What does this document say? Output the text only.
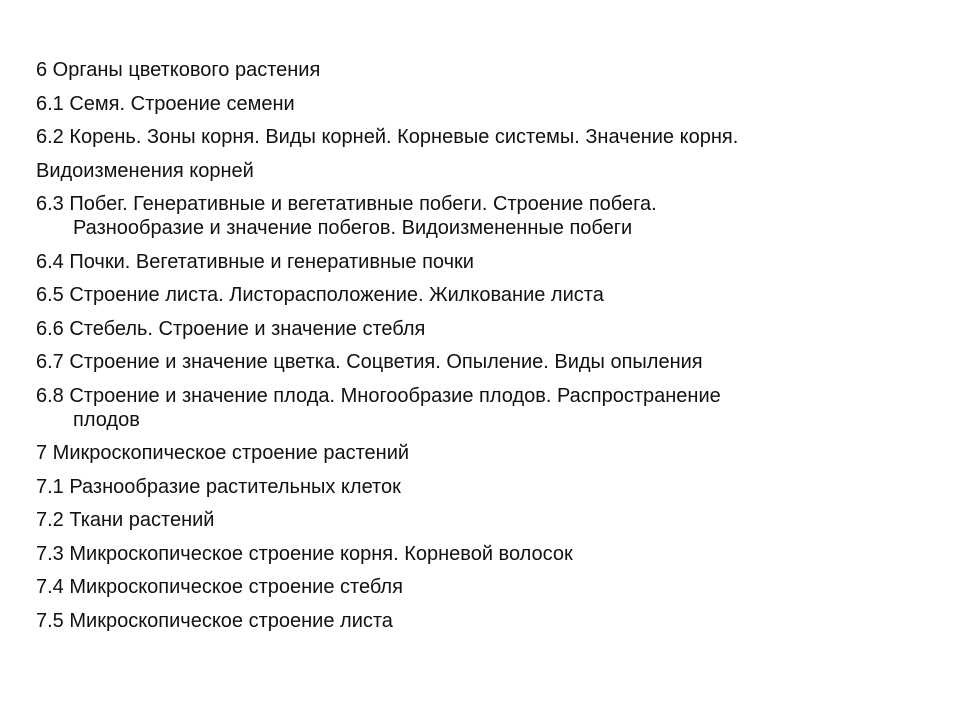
6 Органы цветкового растения
6.1 Семя. Строение семени
6.2 Корень. Зоны корня. Виды корней. Корневые системы. Значение корня.
Видоизменения корней
6.3 Побег. Генеративные и вегетативные побеги. Строение побега.
Разнообразие и значение побегов. Видоизмененные побеги
6.4 Почки. Вегетативные и генеративные почки
6.5 Строение листа. Листорасположение. Жилкование листа
6.6 Стебель. Строение и значение стебля
6.7 Строение и значение цветка. Соцветия. Опыление. Виды опыления
6.8 Строение и значение плода. Многообразие плодов. Распространение
плодов
7 Микроскопическое строение растений
7.1 Разнообразие растительных клеток
7.2 Ткани растений
7.3 Микроскопическое строение корня. Корневой волосок
7.4 Микроскопическое строение стебля
7.5 Микроскопическое строение листа
